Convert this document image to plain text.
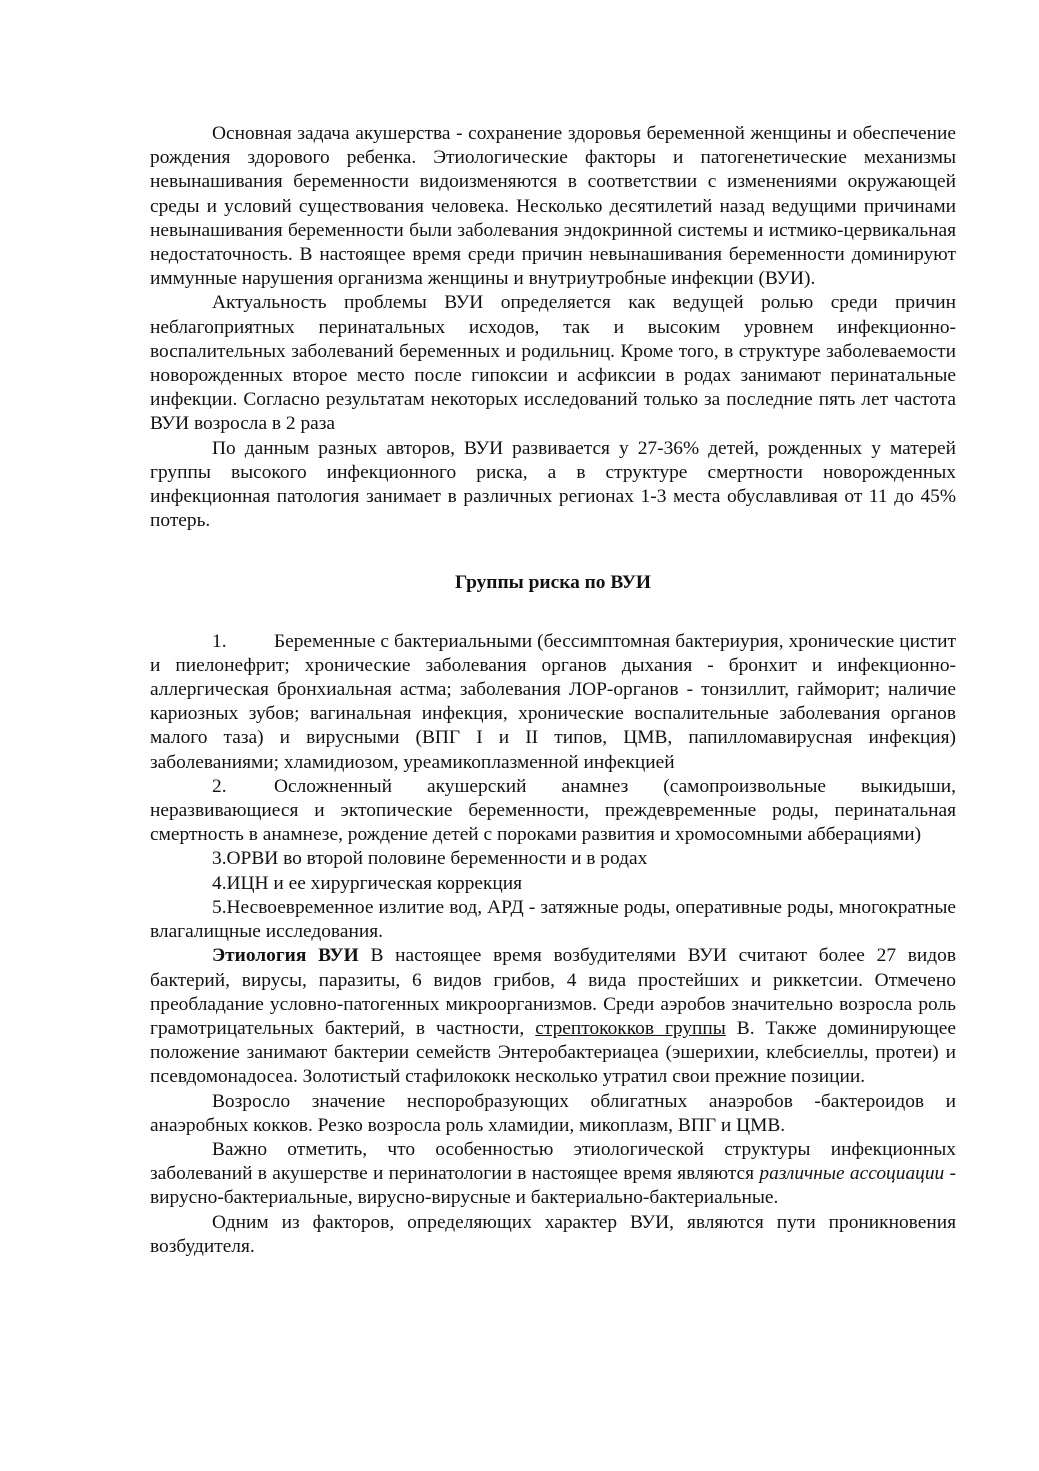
Основная задача акушерства - сохранение здоровья беременной женщины и обеспечение рождения здорового ребенка. Этиологические факторы и патогенетические механизмы невынашивания беременности видоизменяются в соответствии с изменениями окружающей среды и условий существования человека. Несколько десятилетий назад ведущими причинами невынашивания беременности были заболевания эндокринной системы и истмико-цервикальная недостаточность. В настоящее время среди причин невынашивания беременности доминируют иммунные нарушения организма женщины и внутриутробные инфекции (ВУИ).

Актуальность проблемы ВУИ определяется как ведущей ролью среди причин неблагоприятных перинатальных исходов, так и высоким уровнем инфекционно-воспалительных заболеваний беременных и родильниц. Кроме того, в структуре заболеваемости новорожденных второе место после гипоксии и асфиксии в родах занимают перинатальные инфекции. Согласно результатам некоторых исследований только за последние пять лет частота ВУИ возросла в 2 раза

По данным разных авторов, ВУИ развивается у 27-36% детей, рожденных у матерей группы высокого инфекционного риска, а в структуре смертности новорожденных инфекционная патология занимает в различных регионах 1-3 места обуславливая от 11 до 45% потерь.

Группы риска по ВУИ

1. Беременные с бактериальными (бессимптомная бактериурия, хронические цистит и пиелонефрит; хронические заболевания органов дыхания - бронхит и инфекционно-аллергическая бронхиальная астма; заболевания ЛОР-органов - тонзиллит, гайморит; наличие кариозных зубов; вагинальная инфекция, хронические воспалительные заболевания органов малого таза) и вирусными (ВПГ I и II типов, ЦМВ, папилломавирусная инфекция) заболеваниями; хламидиозом, уреамикоплазменной инфекцией

2. Осложненный акушерский анамнез (самопроизвольные выкидыши, неразвивающиеся и эктопические беременности, преждевременные роды, перинатальная смертность в анамнезе, рождение детей с пороками развития и хромосомными абберациями)

3.ОРВИ во второй половине беременности и в родах

4.ИЦН и ее хирургическая коррекция

5.Несвоевременное излитие вод, АРД - затяжные роды, оперативные роды, многократные влагалищные исследования.

Этиология ВУИ В настоящее время возбудителями ВУИ считают более 27 видов бактерий, вирусы, паразиты, 6 видов грибов, 4 вида простейших и риккетсии. Отмечено преобладание условно-патогенных микроорганизмов. Среди аэробов значительно возросла роль грамотрицательных бактерий, в частности, стрептококков группы В. Также доминирующее положение занимают бактерии семейств Энтеробактериацеа (эшерихии, клебсиеллы, протеи) и псевдомонадосеа. Золотистый стафилококк несколько утратил свои прежние позиции.

Возросло значение неспоробразующих облигатных анаэробов -бактероидов и анаэробных кокков. Резко возросла роль хламидии, микоплазм, ВПГ и ЦМВ.

Важно отметить, что особенностью этиологической структуры инфекционных заболеваний в акушерстве и перинатологии в настоящее время являются различные ассоциации - вирусно-бактериальные, вирусно-вирусные и бактериально-бактериальные.

Одним из факторов, определяющих характер ВУИ, являются пути проникновения возбудителя.
